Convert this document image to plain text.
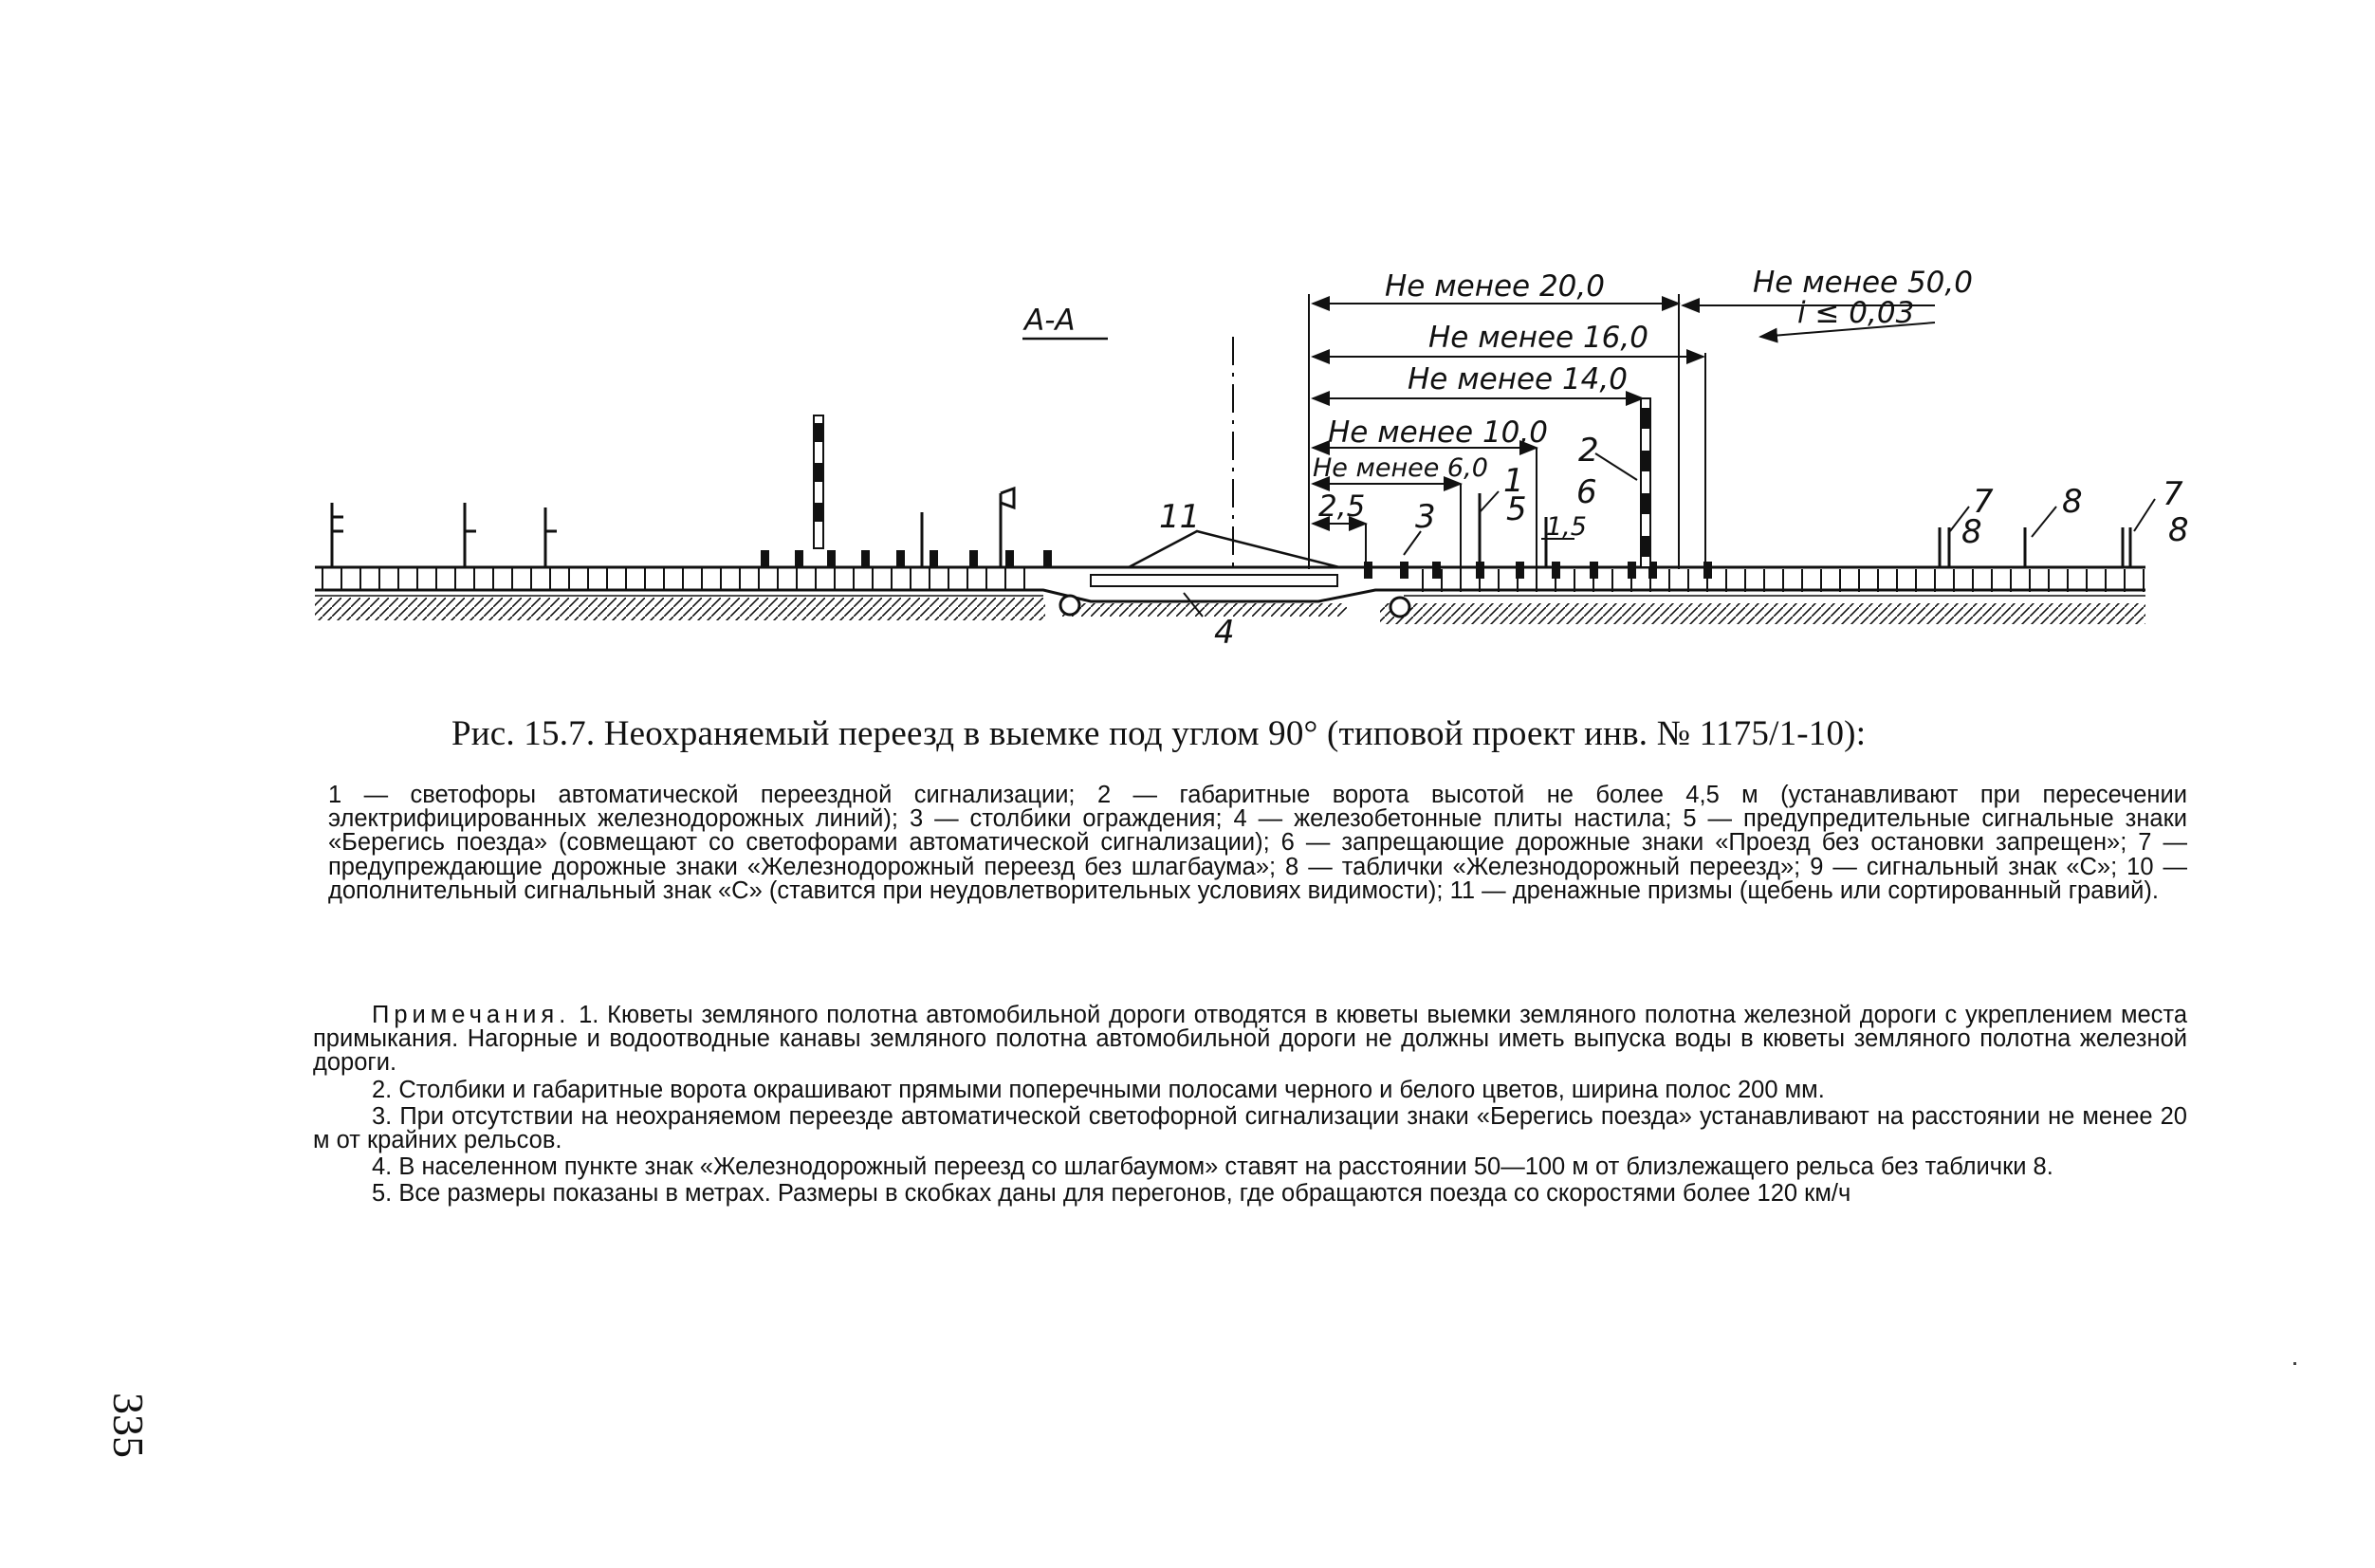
А-А
Не менее 20,0	Не менее 50,0
i ≤ 0,03
Не менее 16,0
Не менее 14,0
Не менее 10,0
Не менее 6,0
2,5
1,5
11
2
1
5 6
3
4
7
8
8 7
8
Рис. 15.7. Неохраняемый переезд в выемке под углом 90° (типовой проект инв. № 1175/1-10):
1 — светофоры автоматической переездной сигнализации; 2 — габаритные ворота высотой не более 4,5 м (устанавливают при пересечении электрифицированных железнодорожных линий); 3 — столбики ограждения; 4 — железобетонные плиты настила; 5 — предупредительные сигнальные знаки «Берегись поезда» (совмещают со светофорами автоматической сигнализации); 6 — запрещающие дорожные знаки «Проезд без остановки запрещен»; 7 — предупреждающие дорожные знаки «Железнодорожный переезд без шлагбаума»; 8 — таблички «Железнодорожный переезд»; 9 — сигнальный знак «С»; 10 — дополнительный сигнальный знак «С» (ставится при неудовлетворительных условиях видимости); 11 — дренажные призмы (щебень или сортированный гравий).

Примечания. 1. Кюветы земляного полотна автомобильной дороги отводятся в кюветы выемки земляного полотна железной дороги с укреплением места примыкания. Нагорные и водоотводные канавы земляного полотна автомобильной дороги не должны иметь выпуска воды в кюветы земляного полотна железной дороги.

2. Столбики и габаритные ворота окрашивают прямыми поперечными полосами черного и белого цветов, ширина полос 200 мм.

3. При отсутствии на неохраняемом переезде автоматической светофорной сигнализации знаки «Берегись поезда» устанавливают на расстоянии не менее 20 м от крайних рельсов.

4. В населенном пункте знак «Железнодорожный переезд со шлагбаумом» ставят на расстоянии 50—100 м от близлежащего рельса без таблички 8.

5. Все размеры показаны в метрах. Размеры в скобках даны для перегонов, где обращаются поезда со скоростями более 120 км/ч

335
